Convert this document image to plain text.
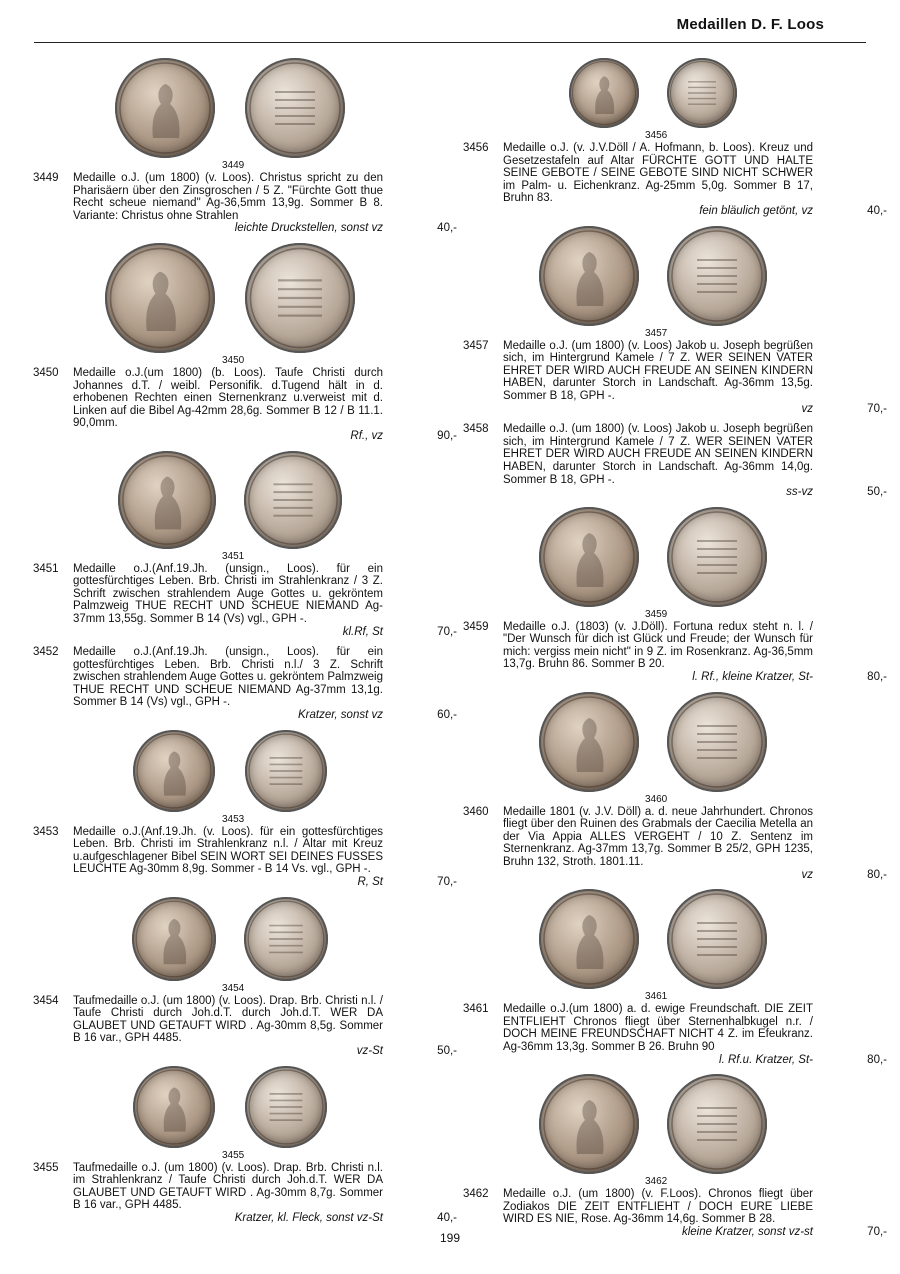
Medaillen D. F. Loos
3449
3449 Medaille o.J. (um 1800) (v. Loos). Christus spricht zu den Pharisäern über den Zinsgroschen / 5 Z. "Fürchte Gott thue Recht scheue niemand" Ag-36,5mm 13,9g. Sommer B 8. Variante: Christus ohne Strahlen
leichte Druckstellen, sonst vz	40,-
3450
3450 Medaille o.J.(um 1800) (b. Loos). Taufe Christi durch Johannes d.T. / weibl. Personifik. d.Tugend hält in d. erhobenen Rechten einen Sternenkranz u.verweist mit d. Linken auf die Bibel Ag-42mm 28,6g. Sommer B 12 / B 11.1. 90,0mm.
Rf., vz	90,-
3451
3451 Medaille o.J.(Anf.19.Jh. (unsign., Loos). für ein gottesfürchtiges Leben. Brb. Christi im Strahlenkranz / 3 Z. Schrift zwischen strahlendem Auge Gottes u. gekröntem Palmzweig THUE RECHT UND SCHEUE NIEMAND Ag-37mm 13,55g. Sommer B 14 (Vs) vgl., GPH -.
kl.Rf, St	70,-
3452 Medaille o.J.(Anf.19.Jh. (unsign., Loos). für ein gottesfürchtiges Leben. Brb. Christi n.l./ 3 Z. Schrift zwischen strahlendem Auge Gottes u. gekröntem Palmzweig THUE RECHT UND SCHEUE NIEMAND Ag-37mm 13,1g. Sommer B 14 (Vs) vgl., GPH -.
Kratzer, sonst vz	60,-
3453
3453 Medaille o.J.(Anf.19.Jh. (v. Loos). für ein gottesfürchtiges Leben. Brb. Christi im Strahlenkranz n.l. / Altar mit Kreuz u.aufgeschlagener Bibel SEIN WORT SEI DEINES FUSSES LEUCHTE Ag-30mm 8,9g. Sommer - B 14 Vs. vgl., GPH -.
R, St	70,-
3454
3454 Taufmedaille o.J. (um 1800) (v. Loos). Drap. Brb. Christi n.l. / Taufe Christi durch Joh.d.T. durch Joh.d.T. WER DA GLAUBET UND GETAUFT WIRD . Ag-30mm 8,5g. Sommer B 16 var., GPH 4485.
vz-St	50,-
3455
3455 Taufmedaille o.J. (um 1800) (v. Loos). Drap. Brb. Christi n.l. im Strahlenkranz / Taufe Christi durch Joh.d.T. WER DA GLAUBET UND GETAUFT WIRD . Ag-30mm 8,7g. Sommer B 16 var., GPH 4485.
Kratzer, kl. Fleck, sonst vz-St	40,-
3456
3456 Medaille o.J. (v. J.V.Döll / A. Hofmann, b. Loos). Kreuz und Gesetzestafeln auf Altar FÜRCHTE GOTT UND HALTE SEINE GEBOTE / SEINE GEBOTE SIND NICHT SCHWER im Palm- u. Eichenkranz. Ag-25mm 5,0g. Sommer B 17, Bruhn 83.
fein bläulich getönt, vz	40,-
3457
3457 Medaille o.J. (um 1800) (v. Loos) Jakob u. Joseph begrüßen sich, im Hintergrund Kamele / 7 Z. WER SEINEN VATER EHRET DER WIRD AUCH FREUDE AN SEINEN KINDERN HABEN, darunter Storch in Landschaft. Ag-36mm 13,5g. Sommer B 18, GPH -.
vz	70,-
3458 Medaille o.J. (um 1800) (v. Loos) Jakob u. Joseph begrüßen sich, im Hintergrund Kamele / 7 Z. WER SEINEN VATER EHRET DER WIRD AUCH FREUDE AN SEINEN KINDERN HABEN, darunter Storch in Landschaft. Ag-36mm 14,0g. Sommer B 18, GPH -.
ss-vz	50,-
3459
3459 Medaille o.J. (1803) (v. J.Döll). Fortuna redux steht n. l. / "Der Wunsch für dich ist Glück und Freude; der Wunsch für mich: vergiss mein nicht" in 9 Z. im Rosenkranz. Ag-36,5mm 13,7g. Bruhn 86. Sommer B 20.
l. Rf., kleine Kratzer, St-	80,-
3460
3460 Medaille 1801 (v. J.V. Döll) a. d. neue Jahrhundert. Chronos fliegt über den Ruinen des Grabmals der Caecilia Metella an der Via Appia ALLES VERGEHT / 10 Z. Sentenz im Sternenkranz. Ag-37mm 13,7g. Sommer B 25/2, GPH 1235, Bruhn 132, Stroth. 1801.11.
vz	80,-
3461
3461 Medaille o.J.(um 1800) a. d. ewige Freundschaft. DIE ZEIT ENTFLIEHT Chronos fliegt über Sternenhalbkugel n.r. / DOCH MEINE FREUNDSCHAFT NICHT 4 Z. im Efeukranz. Ag-36mm 13,3g. Sommer B 26. Bruhn 90
l. Rf.u. Kratzer, St-	80,-
3462
3462 Medaille o.J. (um 1800) (v. F.Loos). Chronos fliegt über Zodiakos DIE ZEIT ENTFLIEHT / DOCH EURE LIEBE WIRD ES NIE, Rose. Ag-36mm 14,6g. Sommer B 28.
kleine Kratzer, sonst vz-st	70,-
199
